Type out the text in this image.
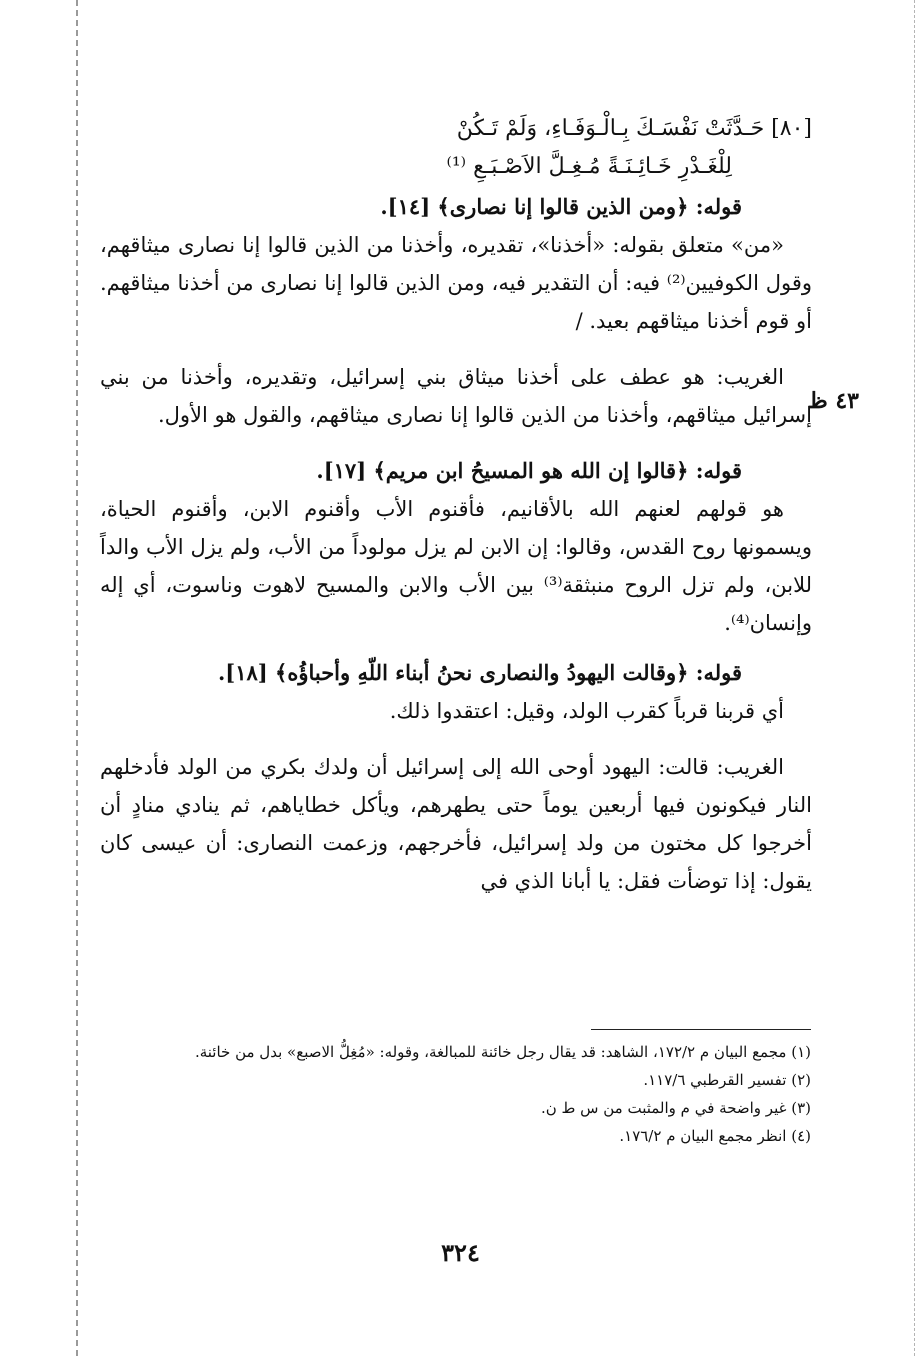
٤٣ ظ
[٨٠] حَـدَّثَتْ نَفْسَـكَ بِـالْـوَفَـاءِ، وَلَمْ تَـكُنْ
لِلْغَـدْرِ خَـائِـنَـةً مُـغِـلَّ الاَصْـبَـعِ ⁽¹⁾

قوله: ﴿ومن الذين قالوا إنا نصارى﴾ [١٤].

«من» متعلق بقوله: «أخذنا»، تقديره، وأخذنا من الذين قالوا إنا نصارى ميثاقهم، وقول الكوفيين⁽²⁾ فيه: أن التقدير فيه، ومن الذين قالوا إنا نصارى من أخذنا ميثاقهم. أو قوم أخذنا ميثاقهم بعيد. /

الغريب: هو عطف على أخذنا ميثاق بني إسرائيل، وتقديره، وأخذنا من بني إسرائيل ميثاقهم، وأخذنا من الذين قالوا إنا نصارى ميثاقهم، والقول هو الأول.

قوله: ﴿قالوا إن الله هو المسيحُ ابن مريم﴾ [١٧].

هو قولهم لعنهم الله بالأقانيم، فأقنوم الأب وأقنوم الابن، وأقنوم الحياة، ويسمونها روح القدس، وقالوا: إن الابن لم يزل مولوداً من الأب، ولم يزل الأب والداً للابن، ولم تزل الروح منبثقة⁽³⁾ بين الأب والابن والمسيح لاهوت وناسوت، أي إله وإنسان⁽⁴⁾.

قوله: ﴿وقالت اليهودُ والنصارى نحنُ أبناء اللّهِ وأحباؤُه﴾ [١٨].

أي قربنا قرباً كقرب الولد، وقيل: اعتقدوا ذلك.

الغريب: قالت: اليهود أوحى الله إلى إسرائيل أن ولدك بكري من الولد فأدخلهم النار فيكونون فيها أربعين يوماً حتى يطهرهم، ويأكل خطاياهم، ثم ينادي منادٍ أن أخرجوا كل مختون من ولد إسرائيل، فأخرجهم، وزعمت النصارى: أن عيسى كان يقول: إذا توضأت فقل: يا أبانا الذي في

(١) مجمع البيان م ١٧٢/٢، الشاهد: قد يقال رجل خائنة للمبالغة، وقوله: «مُغِلُّ الاصبع» بدل من خائنة.

(٢) تفسير القرطبي ١١٧/٦.

(٣) غير واضحة في م والمثبت من س ط ن.

(٤) انظر مجمع البيان م ١٧٦/٢.

٣٢٤
